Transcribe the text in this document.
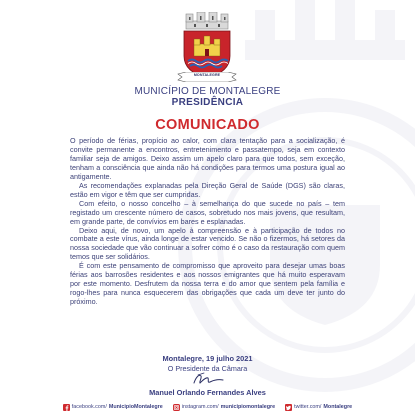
MONTALEGRE
MUNICÍPIO DE MONTALEGRE
PRESIDÊNCIA
COMUNICADO

O período de férias, propício ao calor, com clara tentação para a socialização, é convite permanente a encontros, entretenimento e passatempo, seja em contexto familiar seja de amigos. Deixo assim um apelo claro para que todos, sem exceção, tenham a consciência que ainda não há condições para termos uma postura igual ao antigamente.

As recomendações explanadas pela Direção Geral de Saúde (DGS) são claras, estão em vigor e têm que ser cumpridas.

Com efeito, o nosso concelho – à semelhança do que sucede no país – tem registado um crescente número de casos, sobretudo nos mais jovens, que resultam, em grande parte, de convívios em bares e esplanadas.

Deixo aqui, de novo, um apelo à compreensão e à participação de todos no combate a este vírus, ainda longe de estar vencido. Se não o fizermos, há setores da nossa sociedade que vão continuar a sofrer como é o caso da restauração com quem temos que ser solidários.

É com este pensamento de compromisso que aproveito para desejar umas boas férias aos barrosões residentes e aos nossos emigrantes que há muito esperavam por este momento. Desfrutem da nossa terra e do amor que sentem pela família e rogo-lhes para nunca esquecerem das obrigações que cada um deve ter junto do próximo.

Montalegre, 19 julho 2021
O Presidente da Câmara
Manuel Orlando Fernandes Alves
facebook.com/ MunicipioMontalegre	instagram.com/ municipiomontalegre	twitter.com/ Montalegre
